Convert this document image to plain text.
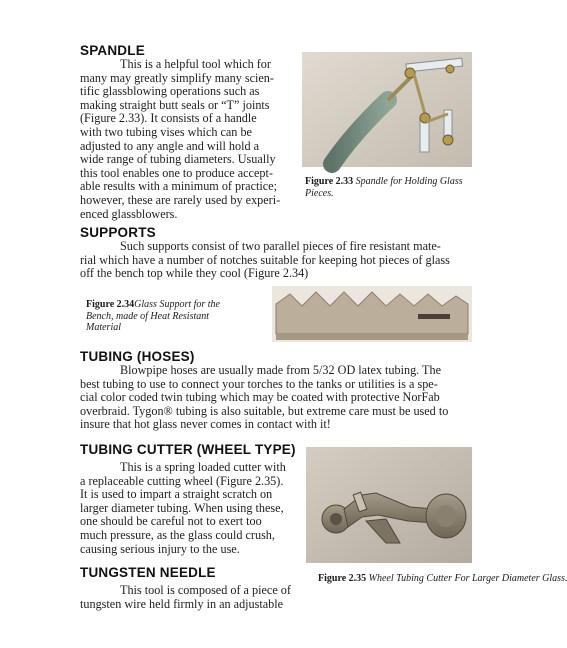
SPANDLE
This is a helpful tool which for
many may greatly simplify many scien-
tific glassblowing operations such as
making straight butt seals or “T” joints
(Figure 2.33). It consists of a handle
with two tubing vises which can be
adjusted to any angle and will hold a
wide range of tubing diameters. Usually
this tool enables one to produce accept-
able results with a minimum of practice;
however, these are rarely used by experi-
enced glassblowers.
Figure 2.33 Spandle for Holding Glass Pieces.
SUPPORTS
Such supports consist of two parallel pieces of fire resistant mate-
rial which have a number of notches suitable for keeping hot pieces of glass
off the bench top while they cool (Figure 2.34)
Figure 2.34Glass Support for the Bench, made of Heat Resistant Material
TUBING (HOSES)
Blowpipe hoses are usually made from 5/32 OD latex tubing. The
best tubing to use to connect your torches to the tanks or utilities is a spe-
cial color coded twin tubing which may be coated with protective NorFab
overbraid. Tygon® tubing is also suitable, but extreme care must be used to
insure that hot glass never comes in contact with it!
TUBING CUTTER (WHEEL TYPE)
This is a spring loaded cutter with
a replaceable cutting wheel (Figure 2.35).
It is used to impart a straight scratch on
larger diameter tubing. When using these,
one should be careful not to exert too
much pressure, as the glass could crush,
causing serious injury to the use.
Figure 2.35 Wheel Tubing Cutter For Larger Diameter Glass.
TUNGSTEN NEEDLE
This tool is composed of a piece of
tungsten wire held firmly in an adjustable
